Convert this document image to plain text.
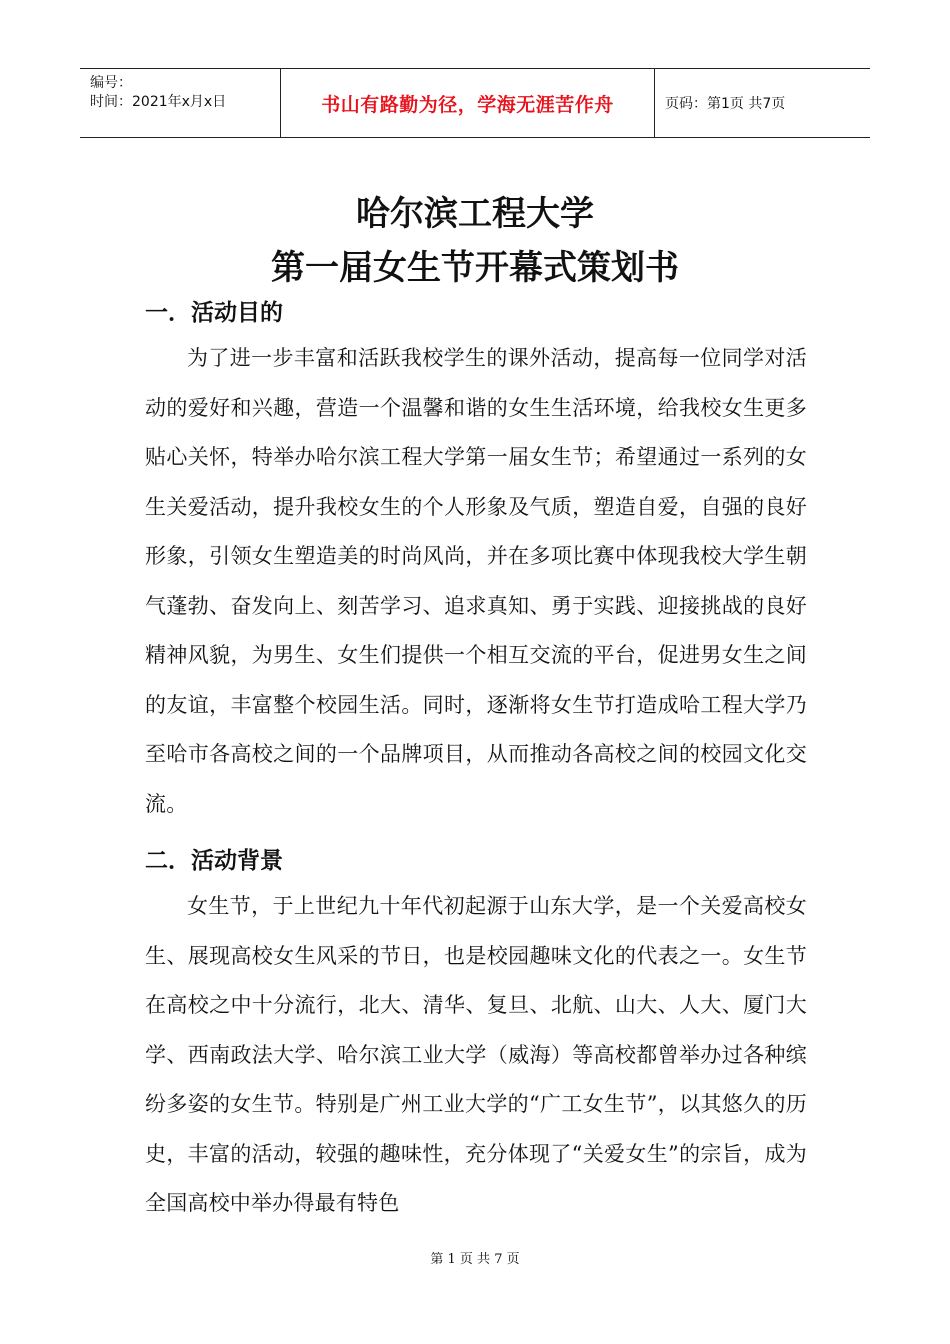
编号：
时间：2021年x月x日	书山有路勤为径，学海无涯苦作舟	页码：第1页 共7页
哈尔滨工程大学
第一届女生节开幕式策划书
一．活动目的
为了进一步丰富和活跃我校学生的课外活动，提高每一位同学对活动的爱好和兴趣，营造一个温馨和谐的女生生活环境，给我校女生更多贴心关怀，特举办哈尔滨工程大学第一届女生节；希望通过一系列的女生关爱活动，提升我校女生的个人形象及气质，塑造自爱，自强的良好形象，引领女生塑造美的时尚风尚，并在多项比赛中体现我校大学生朝气蓬勃、奋发向上、刻苦学习、追求真知、勇于实践、迎接挑战的良好精神风貌，为男生、女生们提供一个相互交流的平台，促进男女生之间的友谊，丰富整个校园生活。同时，逐渐将女生节打造成哈工程大学乃至哈市各高校之间的一个品牌项目，从而推动各高校之间的校园文化交流。
二．活动背景
女生节，于上世纪九十年代初起源于山东大学，是一个关爱高校女生、展现高校女生风采的节日，也是校园趣味文化的代表之一。女生节在高校之中十分流行，北大、清华、复旦、北航、山大、人大、厦门大学、西南政法大学、哈尔滨工业大学（威海）等高校都曾举办过各种缤纷多姿的女生节。特别是广州工业大学的“广工女生节”，以其悠久的历史，丰富的活动，较强的趣味性，充分体现了“关爱女生”的宗旨，成为全国高校中举办得最有特色
第 1 页 共 7 页
